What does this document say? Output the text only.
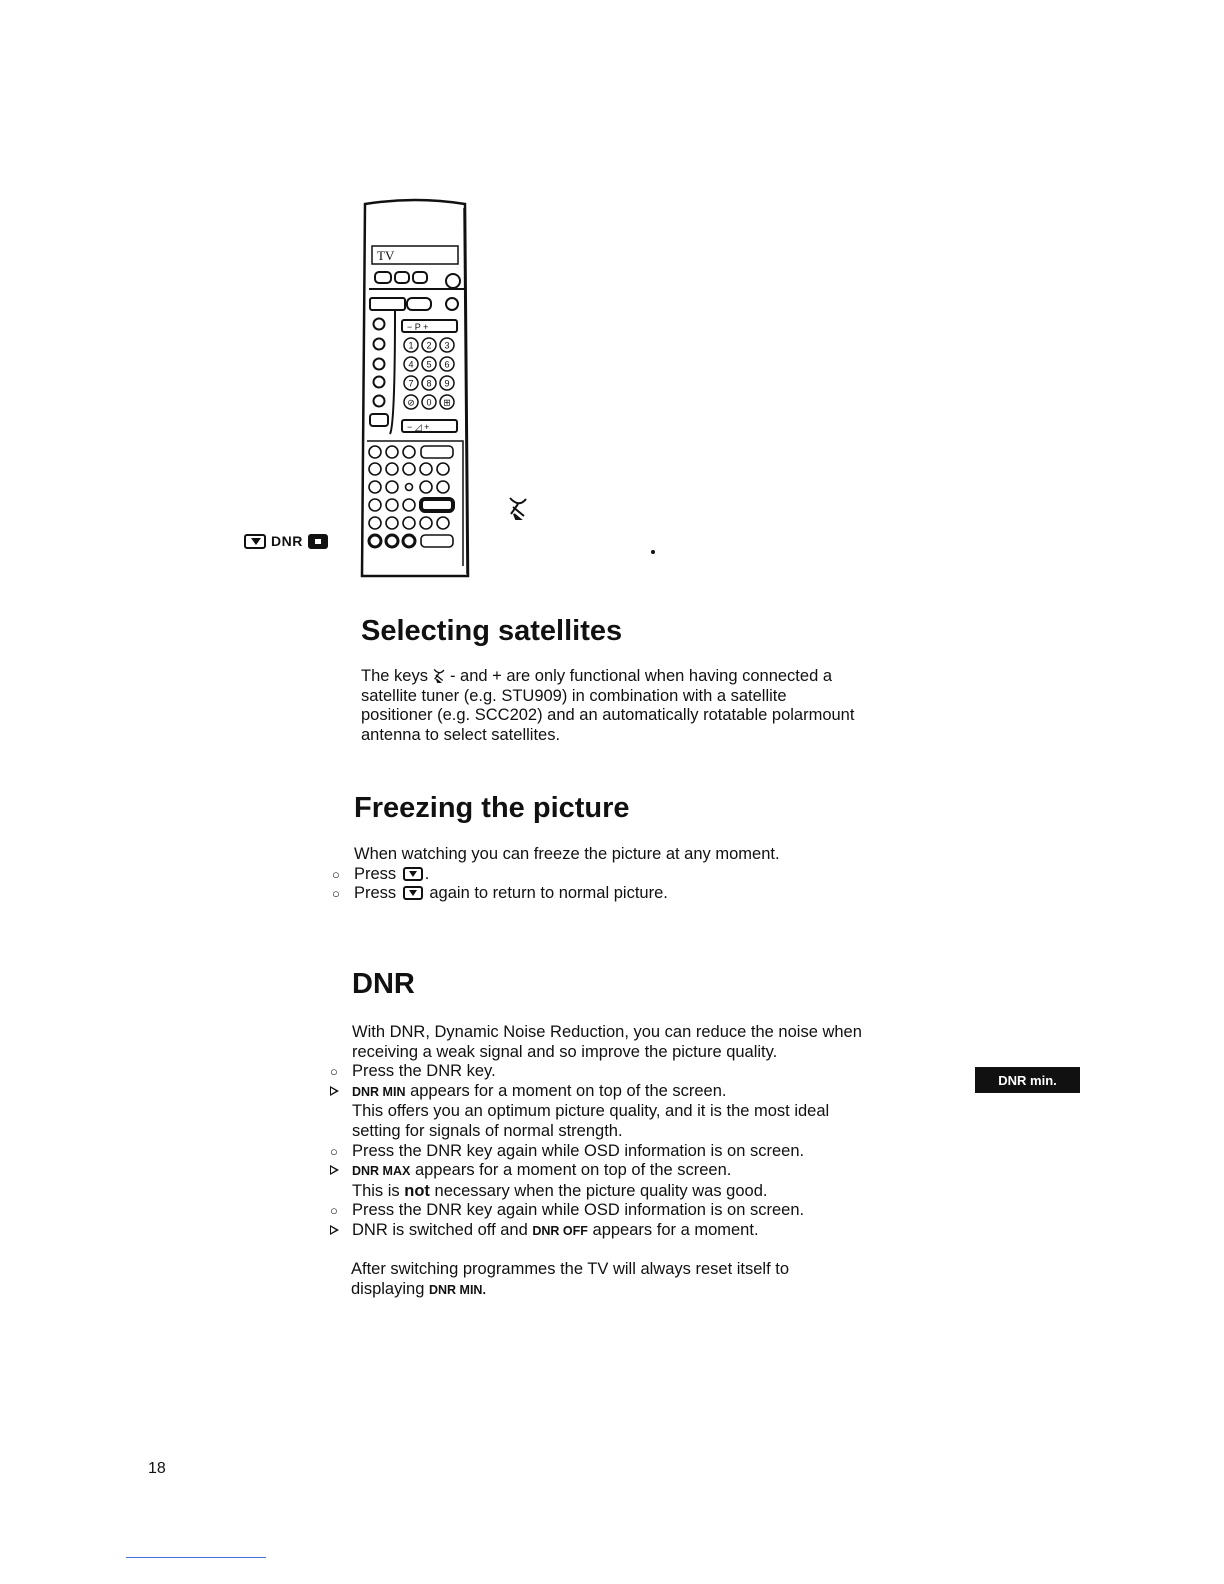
TV
− P +
1 2 3
4 5 6
7 8 9
⊘ 0 ⊞
− ◿ +
DNR
Selecting satellites

The keys - and + are only functional when having connected a

satellite tuner (e.g. STU909) in combination with a satellite

positioner (e.g. SCC202) and an automatically rotatable polarmount

antenna to select satellites.

Freezing the picture

When watching you can freeze the picture at any moment.

○ Press .

○ Press again to return to normal picture.

DNR

With DNR, Dynamic Noise Reduction, you can reduce the noise when

receiving a weak signal and so improve the picture quality.

○ Press the DNR key.

DNR MIN appears for a moment on top of the screen.

This offers you an optimum picture quality, and it is the most ideal

setting for signals of normal strength.

○ Press the DNR key again while OSD information is on screen.

DNR MAX appears for a moment on top of the screen.

This is not necessary when the picture quality was good.

○ Press the DNR key again while OSD information is on screen.

DNR is switched off and DNR OFF appears for a moment.

After switching programmes the TV will always reset itself to

displaying DNR MIN.

DNR min.
18
